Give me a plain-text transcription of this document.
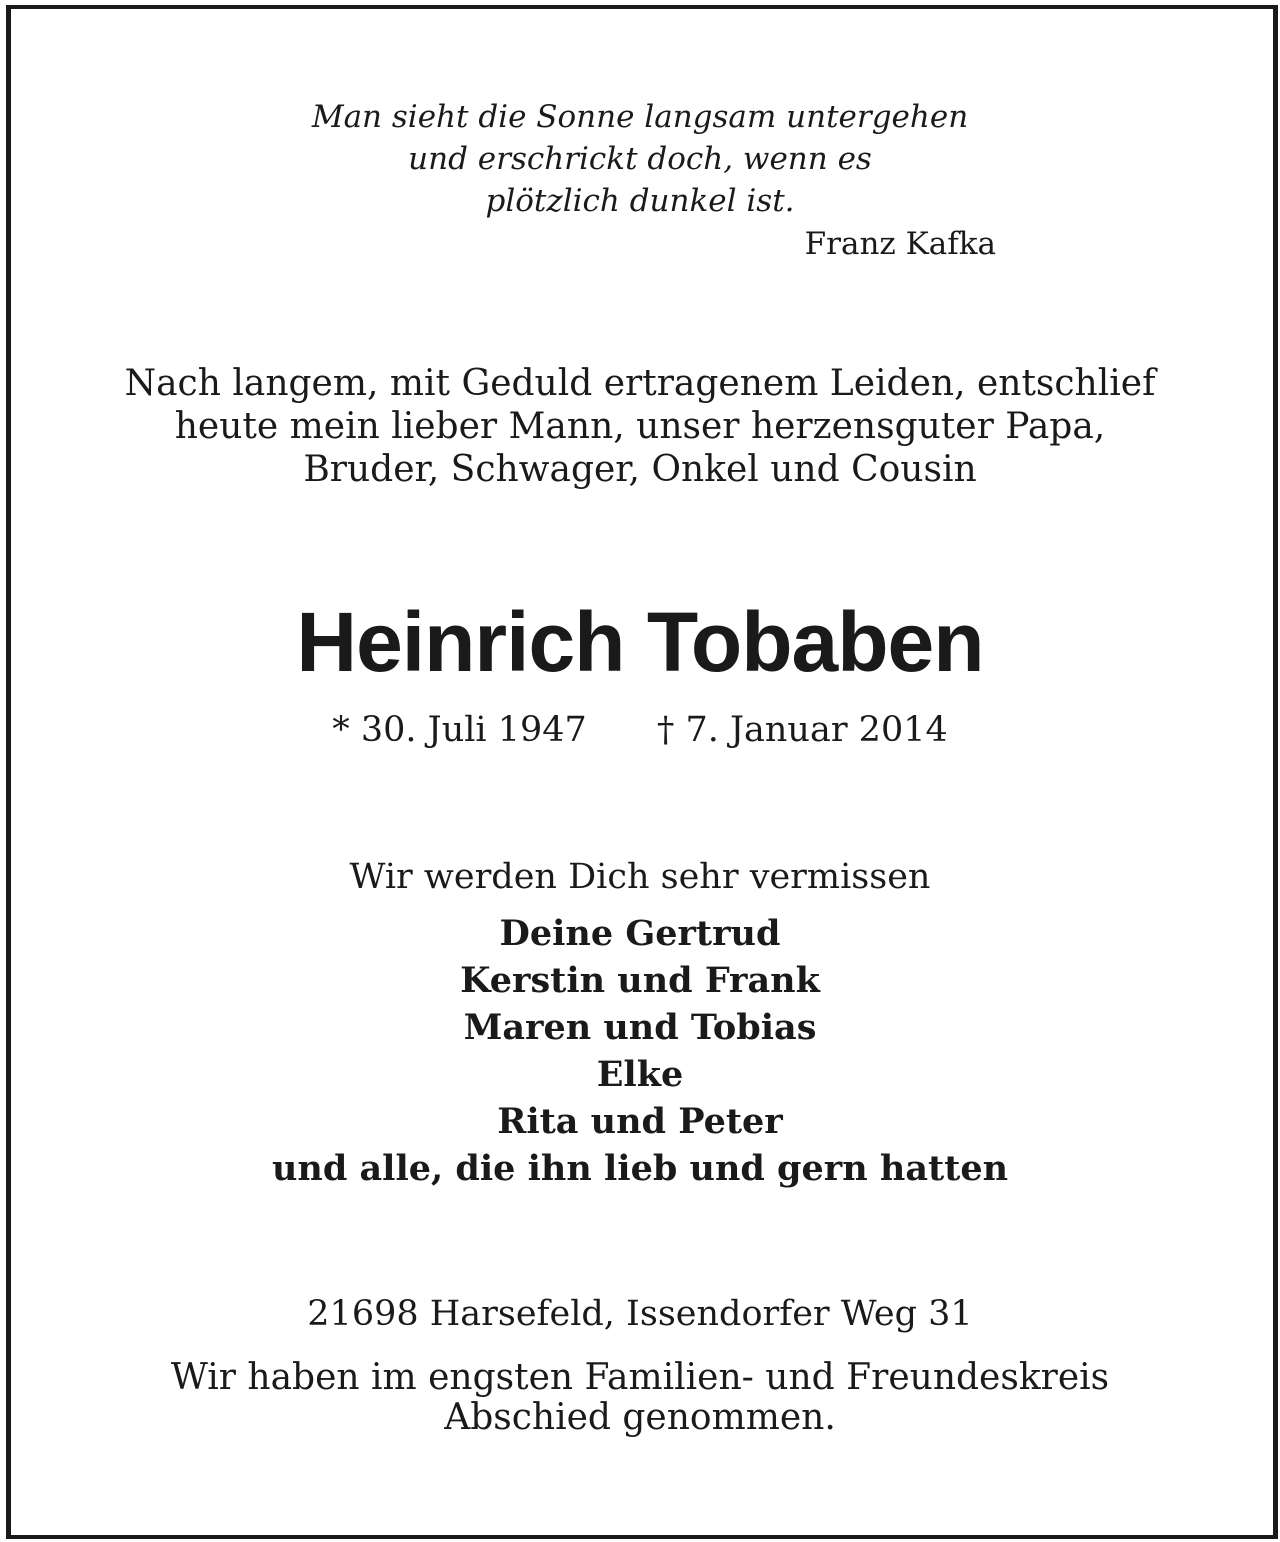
Man sieht die Sonne langsam untergehen
und erschrickt doch, wenn es
plötzlich dunkel ist.
Franz Kafka
Nach langem, mit Geduld ertragenem Leiden, entschlief
heute mein lieber Mann, unser herzensguter Papa,
Bruder, Schwager, Onkel und Cousin
Heinrich Tobaben
* 30. Juli 1947 † 7. Januar 2014
Wir werden Dich sehr vermissen
Deine Gertrud
Kerstin und Frank
Maren und Tobias
Elke
Rita und Peter
und alle, die ihn lieb und gern hatten
21698 Harsefeld, Issendorfer Weg 31
Wir haben im engsten Familien- und Freundeskreis
Abschied genommen.
